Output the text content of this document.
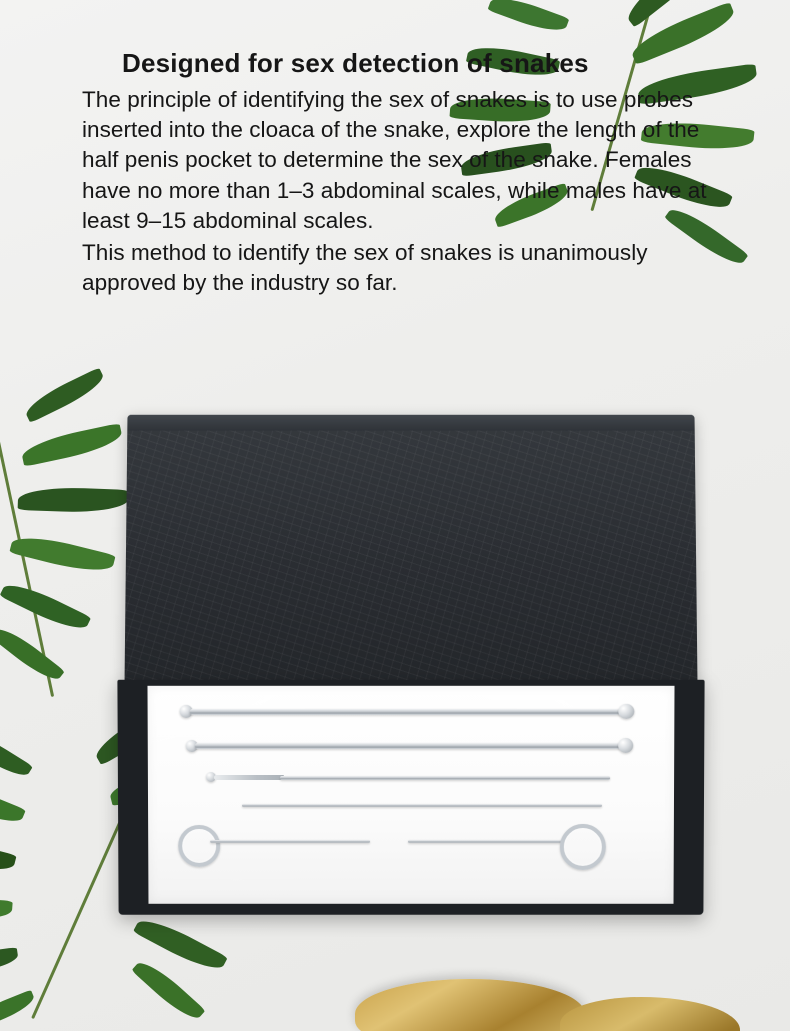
Designed for sex detection of snakes

The principle of identifying the sex of snakes is to use probes inserted into the cloaca of the snake, explore the length of the half penis pocket to determine the sex of the snake. Females have no more than 1–3 abdominal scales, while males have at least 9–15 abdominal scales.

This method to identify the sex of snakes is unanimously approved by the industry so far.
